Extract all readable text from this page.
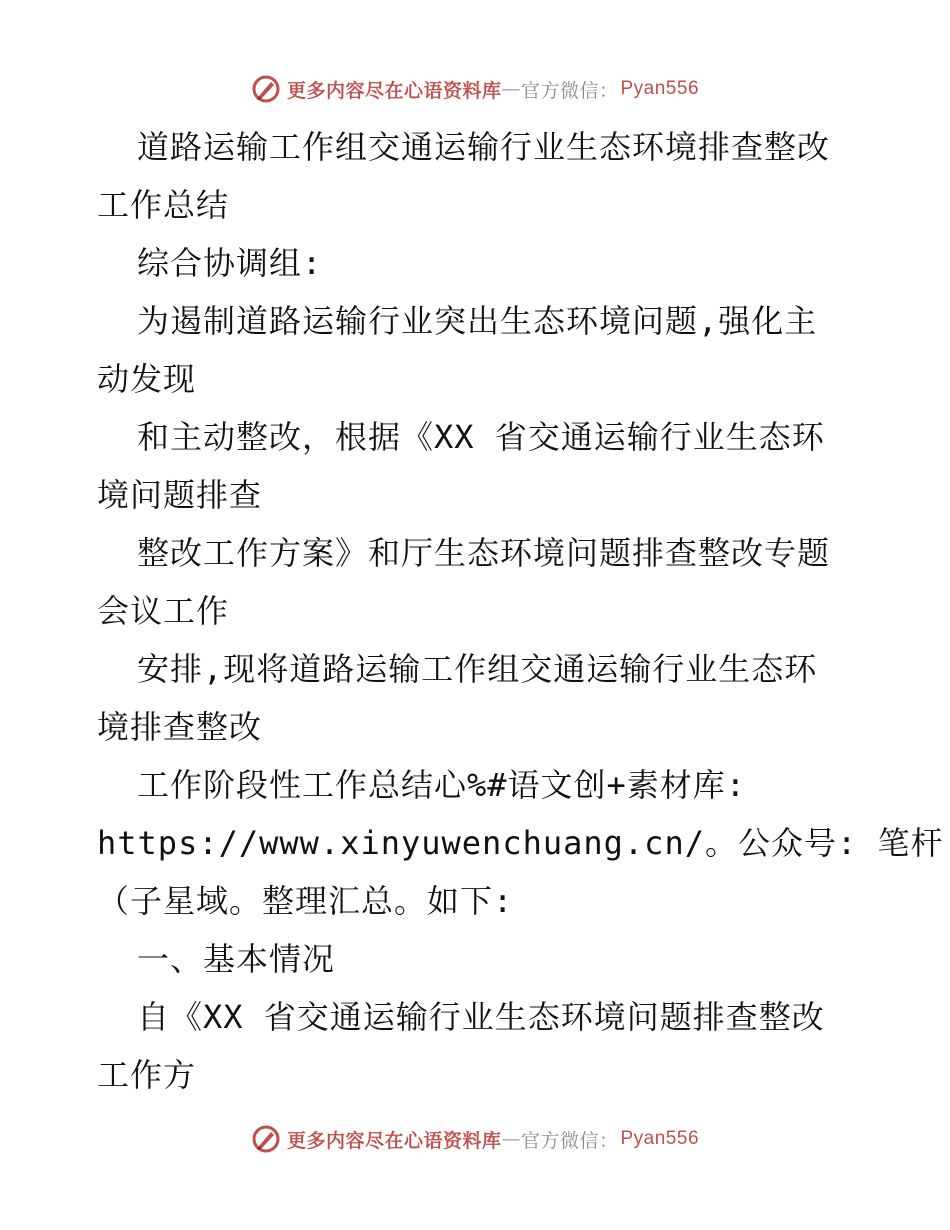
更多内容尽在心语资料库 — 官方微信： Pyan556
道路运输工作组交通运输行业生态环境排查整改
工作总结
综合协调组:
为遏制道路运输行业突出生态环境问题,强化主
动发现
和主动整改，根据《XX 省交通运输行业生态环
境问题排查
整改工作方案》和厅生态环境问题排查整改专题
会议工作
安排,现将道路运输工作组交通运输行业生态环
境排查整改
工作阶段性工作总结心%#语文创+素材库:
https://www.xinyuwenchuang.cn/。公众号: 笔杆
（子星域。整理汇总。如下:
一、基本情况
自《XX 省交通运输行业生态环境问题排查整改
工作方
更多内容尽在心语资料库 — 官方微信： Pyan556
